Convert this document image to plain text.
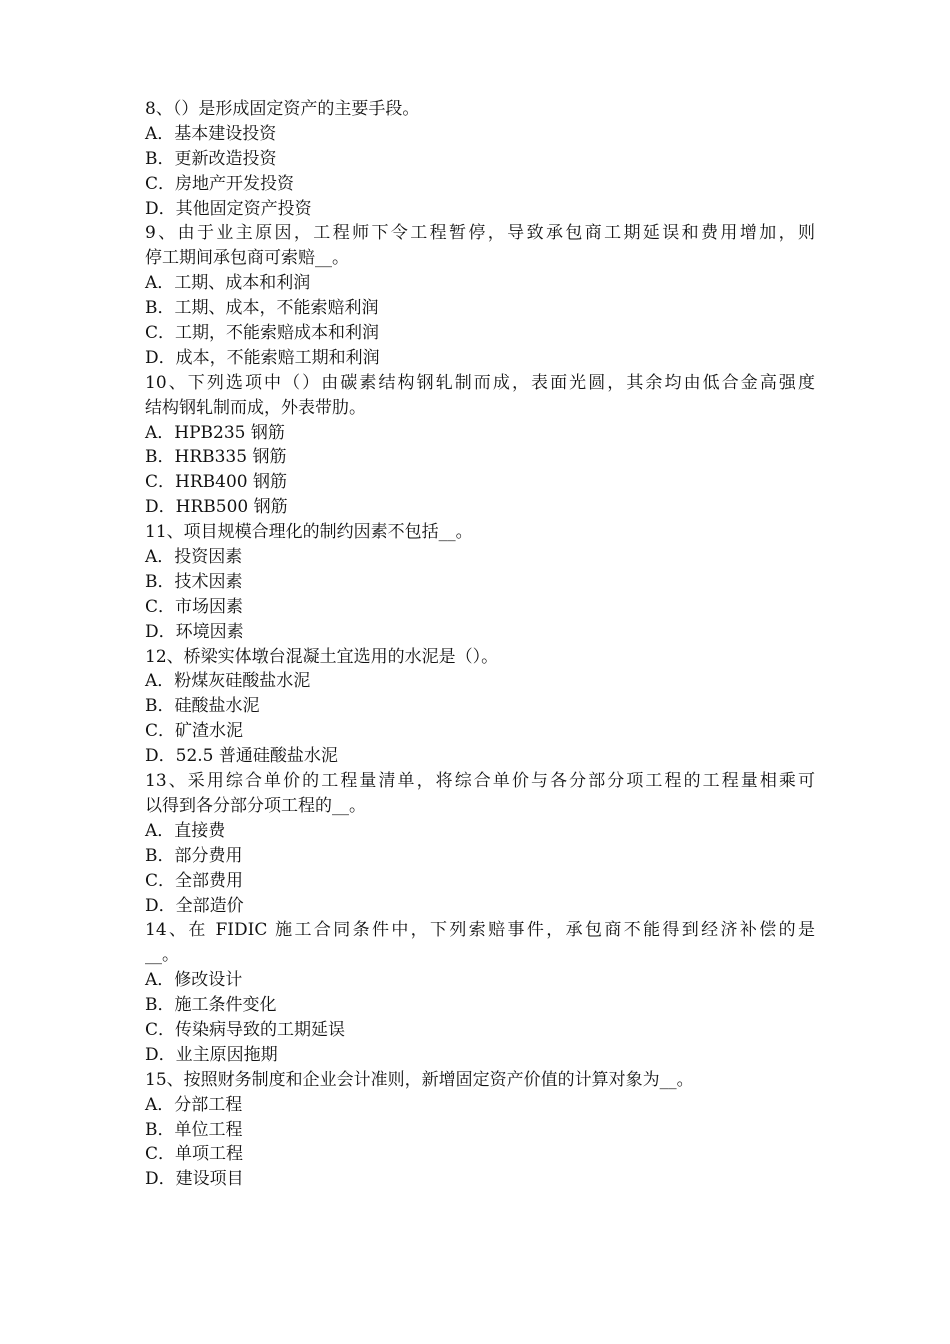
8、（）是形成固定资产的主要手段。
A．基本建设投资
B．更新改造投资
C．房地产开发投资
D．其他固定资产投资
9、由于业主原因，工程师下令工程暂停，导致承包商工期延误和费用增加，则
停工期间承包商可索赔__。
A．工期、成本和利润
B．工期、成本，不能索赔利润
C．工期，不能索赔成本和利润
D．成本，不能索赔工期和利润
10、下列选项中（）由碳素结构钢轧制而成，表面光圆，其余均由低合金高强度
结构钢轧制而成，外表带肋。
A．HPB235 钢筋
B．HRB335 钢筋
C．HRB400 钢筋
D．HRB500 钢筋
11、项目规模合理化的制约因素不包括__。
A．投资因素
B．技术因素
C．市场因素
D．环境因素
12、桥梁实体墩台混凝土宜选用的水泥是（）。
A．粉煤灰硅酸盐水泥
B．硅酸盐水泥
C．矿渣水泥
D．52.5 普通硅酸盐水泥
13、采用综合单价的工程量清单，将综合单价与各分部分项工程的工程量相乘可
以得到各分部分项工程的__。
A．直接费
B．部分费用
C．全部费用
D．全部造价
14、在 FIDIC 施工合同条件中，下列索赔事件，承包商不能得到经济补偿的是
__。
A．修改设计
B．施工条件变化
C．传染病导致的工期延误
D．业主原因拖期
15、按照财务制度和企业会计准则，新增固定资产价值的计算对象为__。
A．分部工程
B．单位工程
C．单项工程
D．建设项目
